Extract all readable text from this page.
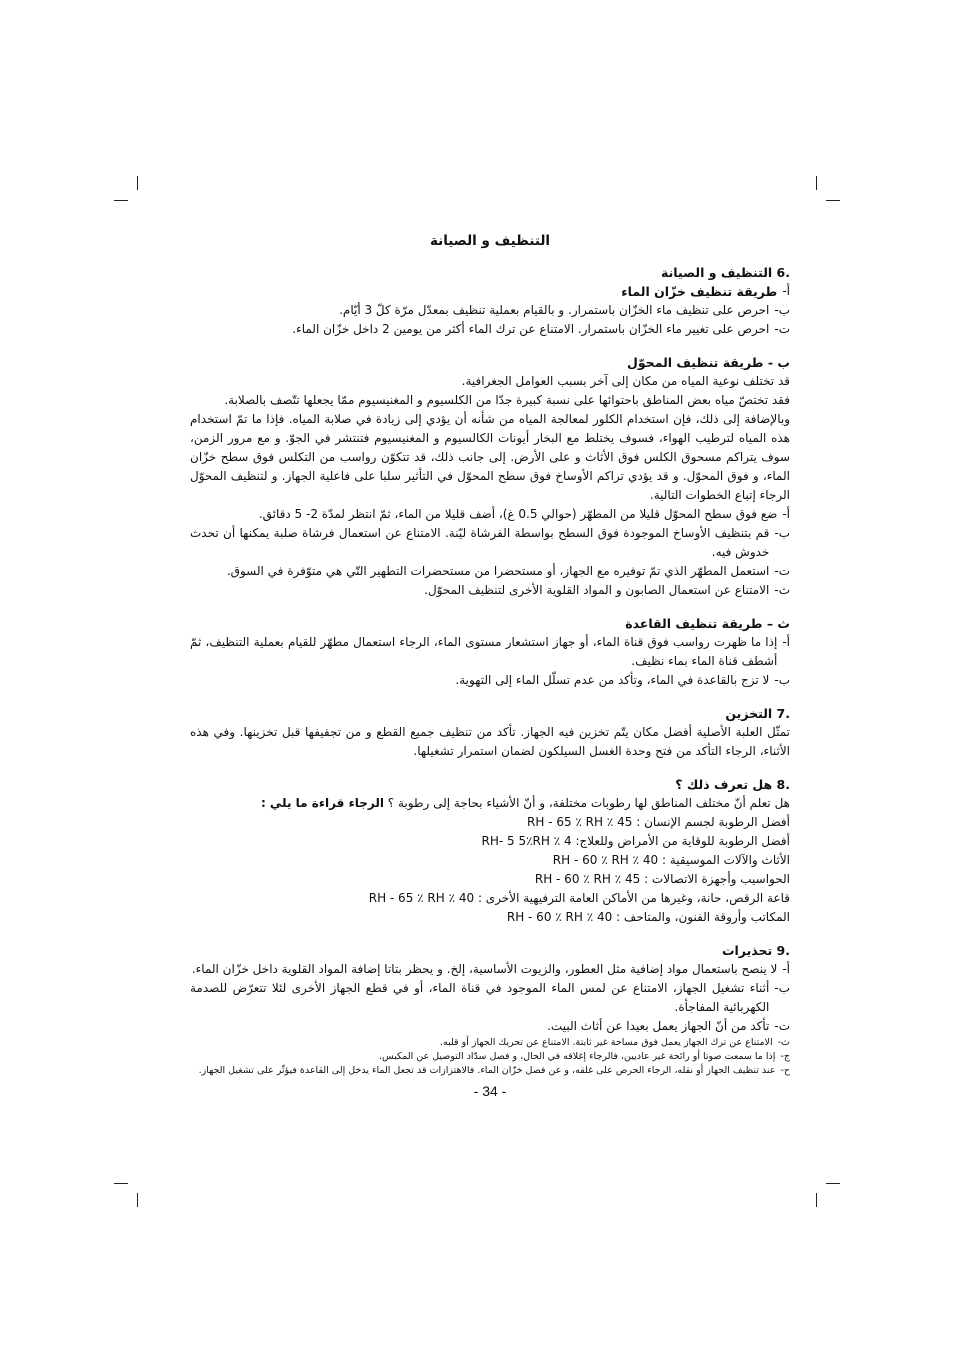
التنظيف و الصيانة
.6 التنظيف و الصيانة
أ-
طريقة تنظيف خزّان الماء
ب-
احرص على تنظيف ماء الخزّان باستمرار. و بالقيام بعملية تنظيف بمعدّل مرّة كلّ 3 أيّام.
ت-
احرص على تغيير ماء الخزّان باستمرار. الامتناع عن ترك الماء أكثر من يومين 2 داخل خزّان الماء.
ب - طريقة تنظيف المحوّل
قد تختلف نوعية المياه من مكان إلى آخر بسبب العوامل الجغرافية.
فقد تختصّ مياه بعض المناطق باحتوائها على نسبة كبيرة جدّا من الكلسيوم و المغنيسيوم ممّا يجعلها تتّصف بالصلابة.
وبالإضافة إلى ذلك، فإن استخدام الكلور لمعالجة المياه من شأنه أن يؤدي إلى زيادة في صلابة المياه. فإذا ما تمّ استخدام هذه المياه لترطيب الهواء، فسوف يختلط مع البخار أيونات الكالسيوم و المغنيسيوم فتنتشر في الجوّ. و مع مرور الزمن، سوف يتراكم مسحوق الكلس فوق الأثاث و على الأرض. إلى جانب ذلك، قد تتكوّن رواسب من التكلس فوق سطح خزّان الماء، و فوق المحوّل. و قد يؤدي تراكم الأوساخ فوق سطح المحوّل في التأثير سلبا على فاعلية الجهاز. و لتنظيف المحوّل الرجاء إتباع الخطوات التالية.
أ-
ضع فوق سطح المحوّل قليلا من المطهّر (حوالي 0.5 غ)، أضف قليلا من الماء، ثمّ انتظر لمدّة 2- 5 دقائق.
ب-
قم بتنظيف الأوساخ الموجودة فوق السطح بواسطة الفرشاة ليّنة. الامتناع عن استعمال فرشاة صلبة يمكنها أن تحدث خدوش فيه.
ت-
استعمل المطهّر الذي تمّ توفيره مع الجهاز، أو مستحضرا من مستحضرات التطهير التّي هي متوّفرة في السوق.
ث-
الامتناع عن استعمال الصابون و المواد القلوية الأخرى لتنظيف المحوّل.
ث – طريقة تنظيف القاعدة
أ-
إذا ما ظهرت رواسب فوق قناة الماء، أو جهاز استشعار مستوى الماء، الرجاء استعمال مطهّر للقيام بعملية التنظيف، ثمّ أشطف قناة الماء بماء نظيف.
ب-
لا تزج بالقاعدة في الماء، وتأكد من عدم تسلّل الماء إلى التهوية.
.7 التخزين
تمثّل العلبة الأصلية أفضل مكان يتّم تخزين فيه الجهاز. تأكد من تنظيف جميع القطع و من تجفيفها قبل تخزينها. وفي هذه الأثناء، الرجاء التأكد من فتح وحدة الغسل السيلكون لضمان استمرار تشغيلها.
.8 هل تعرف ذلك ؟
هل تعلم أنّ مختلف المناطق لها رطوبات مختلفة، و أنّ الأشياء بحاجة إلى رطوبة ؟ الرجاء قراءة ما يلي :
أفضل الرطوبة لجسم الإنسان : 45 ٪ RH - 65 ٪ RH
أفضل الرطوبة للوقاية من الأمراض وللعلاج: 4 ٪ RH- 5 5٪RH
الأثاث والآلات الموسيقية : 40 ٪ RH - 60 ٪ RH
الحواسيب وأجهزة الاتصالات : 45 ٪ RH - 60 ٪ RH
قاعة الرقص، حانة، وغيرها من الأماكن العامة الترفيهية الأخرى : 40 ٪ RH - 65 ٪ RH
المكاتب وأروقة الفنون، والمتاحف : 40 ٪ RH - 60 ٪ RH
.9 تحذيرات
أ-
لا ينصح باستعمال مواد إضافية مثل العطور، والزيوت الأساسية، إلخ. و يحظر بتاتا إضافة المواد القلوية داخل خزّان الماء.
ب-
أثناء تشغيل الجهاز، الامتناع عن لمس الماء الموجود في قناة الماء، أو في قطع الجهاز الأخرى لئلا تتعرّض للصدمة الكهربائية المفاجأة.
ت-
تأكد من أنّ الجهاز يعمل بعيدا عن أثاث البيت.
ث-
الامتناع عن ترك الجهاز يعمل فوق مساحة غير ثابتة. الامتناع عن تحريك الجهاز أو قلبه.
ج-
إذا ما سمعت صوتا أو رائحة غير عاديين، فالرجاء إغلاقه في الحال، و فصل سدّاد التوصيل عن المكبس.
ح-
عند تنظيف الجهاز أو نقله، الرجاء الحرص على غلقه، و عن فصل خزّان الماء. فالاهتزازات قد تجعل الماء يدخل إلى القاعدة فيؤثّر على تشغيل الجهاز.
- 34 -
